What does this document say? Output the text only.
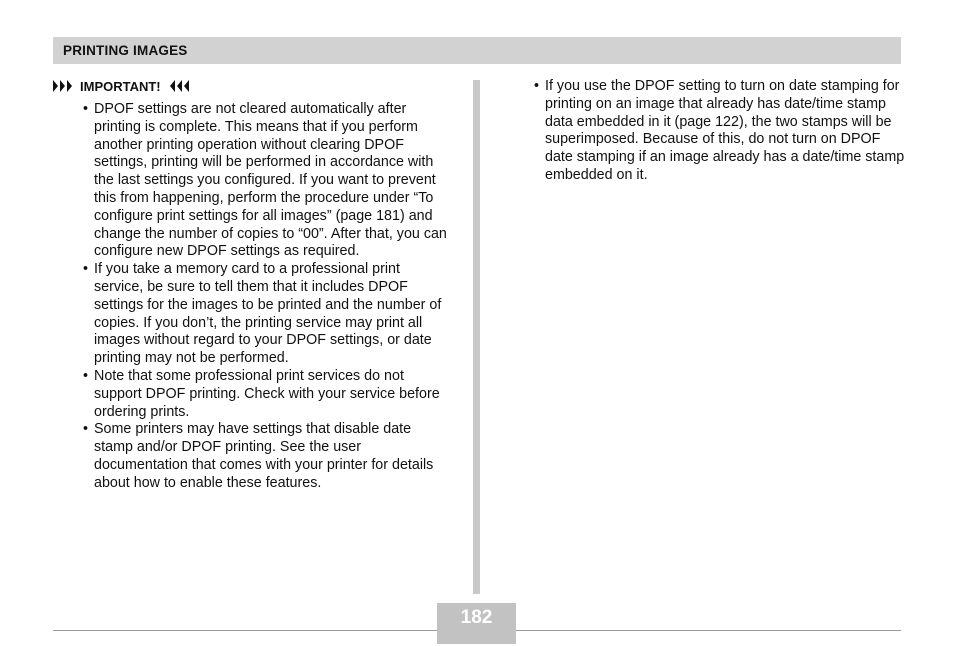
PRINTING IMAGES
IMPORTANT!
• DPOF settings are not cleared automatically after printing is complete. This means that if you perform another printing operation without clearing DPOF settings, printing will be performed in accordance with the last settings you configured. If you want to prevent this from happening, perform the procedure under “To configure print settings for all images” (page 181) and change the number of copies to “00”. After that, you can configure new DPOF settings as required.
• If you take a memory card to a professional print service, be sure to tell them that it includes DPOF settings for the images to be printed and the number of copies. If you don’t, the printing service may print all images without regard to your DPOF settings, or date printing may not be performed.
• Note that some professional print services do not support DPOF printing. Check with your service before ordering prints.
• Some printers may have settings that disable date stamp and/or DPOF printing. See the user documentation that comes with your printer for details about how to enable these features.
• If you use the DPOF setting to turn on date stamping for printing on an image that already has date/time stamp data embedded in it (page 122), the two stamps will be superimposed. Because of this, do not turn on DPOF date stamping if an image already has a date/time stamp embedded on it.
182
